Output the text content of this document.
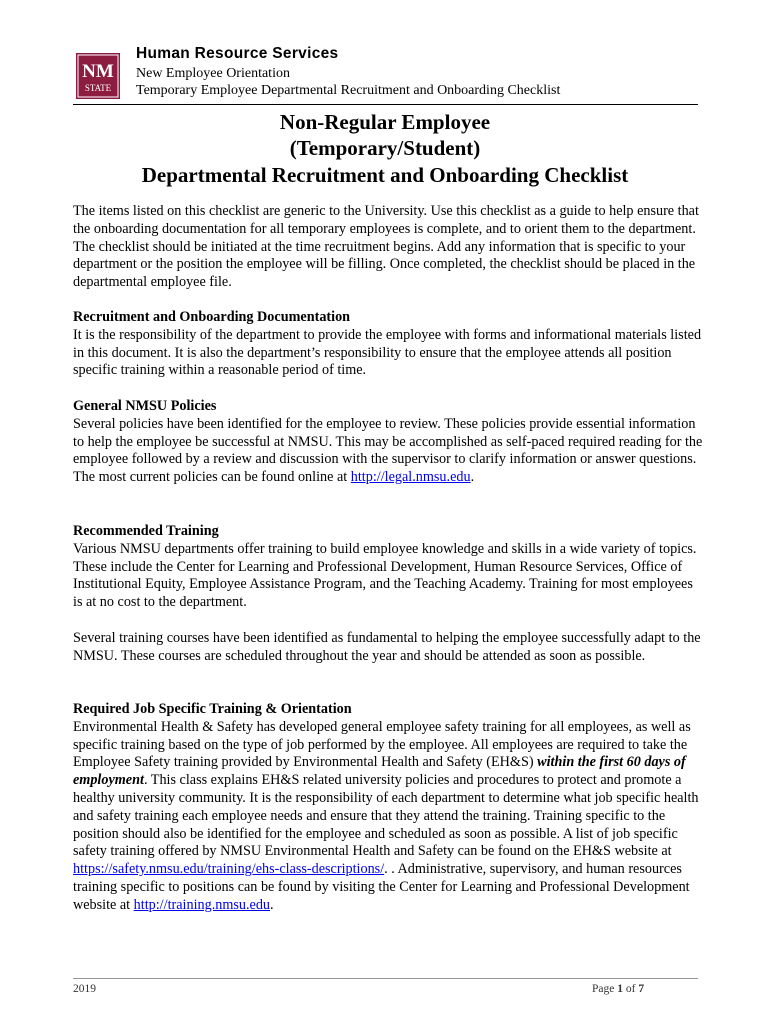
NM
STATE
Human Resource Services
New Employee Orientation
Temporary Employee Departmental Recruitment and Onboarding Checklist
Non-Regular Employee
(Temporary/Student)
Departmental Recruitment and Onboarding Checklist

The items listed on this checklist are generic to the University. Use this checklist as a guide to help ensure that the onboarding documentation for all temporary employees is complete, and to orient them to the department. The checklist should be initiated at the time recruitment begins. Add any information that is specific to your department or the position the employee will be filling. Once completed, the checklist should be placed in the departmental employee file.

Recruitment and Onboarding Documentation

It is the responsibility of the department to provide the employee with forms and informational materials listed in this document. It is also the department’s responsibility to ensure that the employee attends all position specific training within a reasonable period of time.

General NMSU Policies

Several policies have been identified for the employee to review. These policies provide essential information to help the employee be successful at NMSU. This may be accomplished as self-paced required reading for the employee followed by a review and discussion with the supervisor to clarify information or answer questions. The most current policies can be found online at http://legal.nmsu.edu.

Recommended Training

Various NMSU departments offer training to build employee knowledge and skills in a wide variety of topics. These include the Center for Learning and Professional Development, Human Resource Services, Office of Institutional Equity, Employee Assistance Program, and the Teaching Academy. Training for most employees is at no cost to the department.

Several training courses have been identified as fundamental to helping the employee successfully adapt to the NMSU. These courses are scheduled throughout the year and should be attended as soon as possible.

Required Job Specific Training & Orientation

Environmental Health & Safety has developed general employee safety training for all employees, as well as specific training based on the type of job performed by the employee. All employees are required to take the Employee Safety training provided by Environmental Health and Safety (EH&S) within the first 60 days of employment. This class explains EH&S related university policies and procedures to protect and promote a healthy university community. It is the responsibility of each department to determine what job specific health and safety training each employee needs and ensure that they attend the training. Training specific to the position should also be identified for the employee and scheduled as soon as possible. A list of job specific safety training offered by NMSU Environmental Health and Safety can be found on the EH&S website at https://safety.nmsu.edu/training/ehs-class-descriptions/. . Administrative, supervisory, and human resources training specific to positions can be found by visiting the Center for Learning and Professional Development website at http://training.nmsu.edu.

2019	Page 1 of 7
